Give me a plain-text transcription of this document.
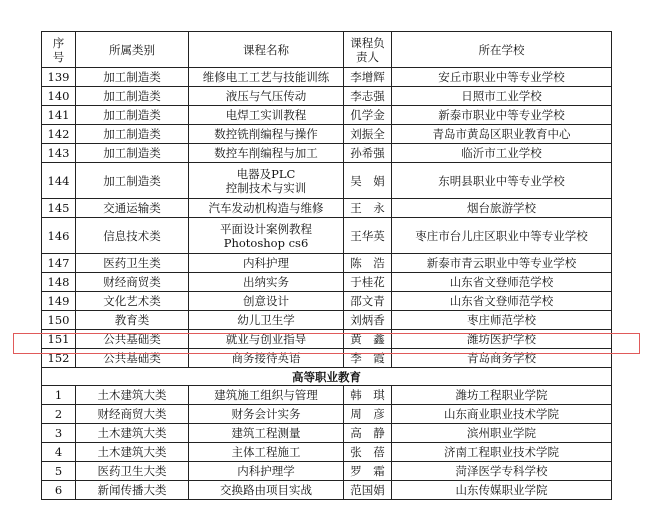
序号	所属类别	课程名称	课程负责人	所在学校
139	加工制造类	维修电工工艺与技能训练	李增辉	安丘市职业中等专业学校
140	加工制造类	液压与气压传动	李志强	日照市工业学校
141	加工制造类	电焊工实训教程	仉学金	新泰市职业中等专业学校
142	加工制造类	数控铣削编程与操作	刘振全	青岛市黄岛区职业教育中心
143	加工制造类	数控车削编程与加工	孙希强	临沂市工业学校
144	加工制造类	电器及PLC
控制技术与实训	吴　娟	东明县职业中等专业学校
145	交通运输类	汽车发动机构造与维修	王　永	烟台旅游学校
146	信息技术类	平面设计案例教程
Photoshop cs6	王华英	枣庄市台儿庄区职业中等专业学校
147	医药卫生类	内科护理	陈　浩	新泰市青云职业中等专业学校
148	财经商贸类	出纳实务	于桂花	山东省文登师范学校
149	文化艺术类	创意设计	邵文青	山东省文登师范学校
150	教育类	幼儿卫生学	刘炳香	枣庄师范学校
151	公共基础类	就业与创业指导	黄　鑫	潍坊医护学校
152	公共基础类	商务接待英语	李　霞	青岛商务学校
高等职业教育				
1	土木建筑大类	建筑施工组织与管理	韩　琪	潍坊工程职业学院
2	财经商贸大类	财务会计实务	周　彦	山东商业职业技术学院
3	土木建筑大类	建筑工程测量	高　静	滨州职业学院
4	土木建筑大类	主体工程施工	张　蓓	济南工程职业技术学院
5	医药卫生大类	内科护理学	罗　霜	菏泽医学专科学校
6	新闻传播大类	交换路由项目实战	范国娟	山东传媒职业学院
